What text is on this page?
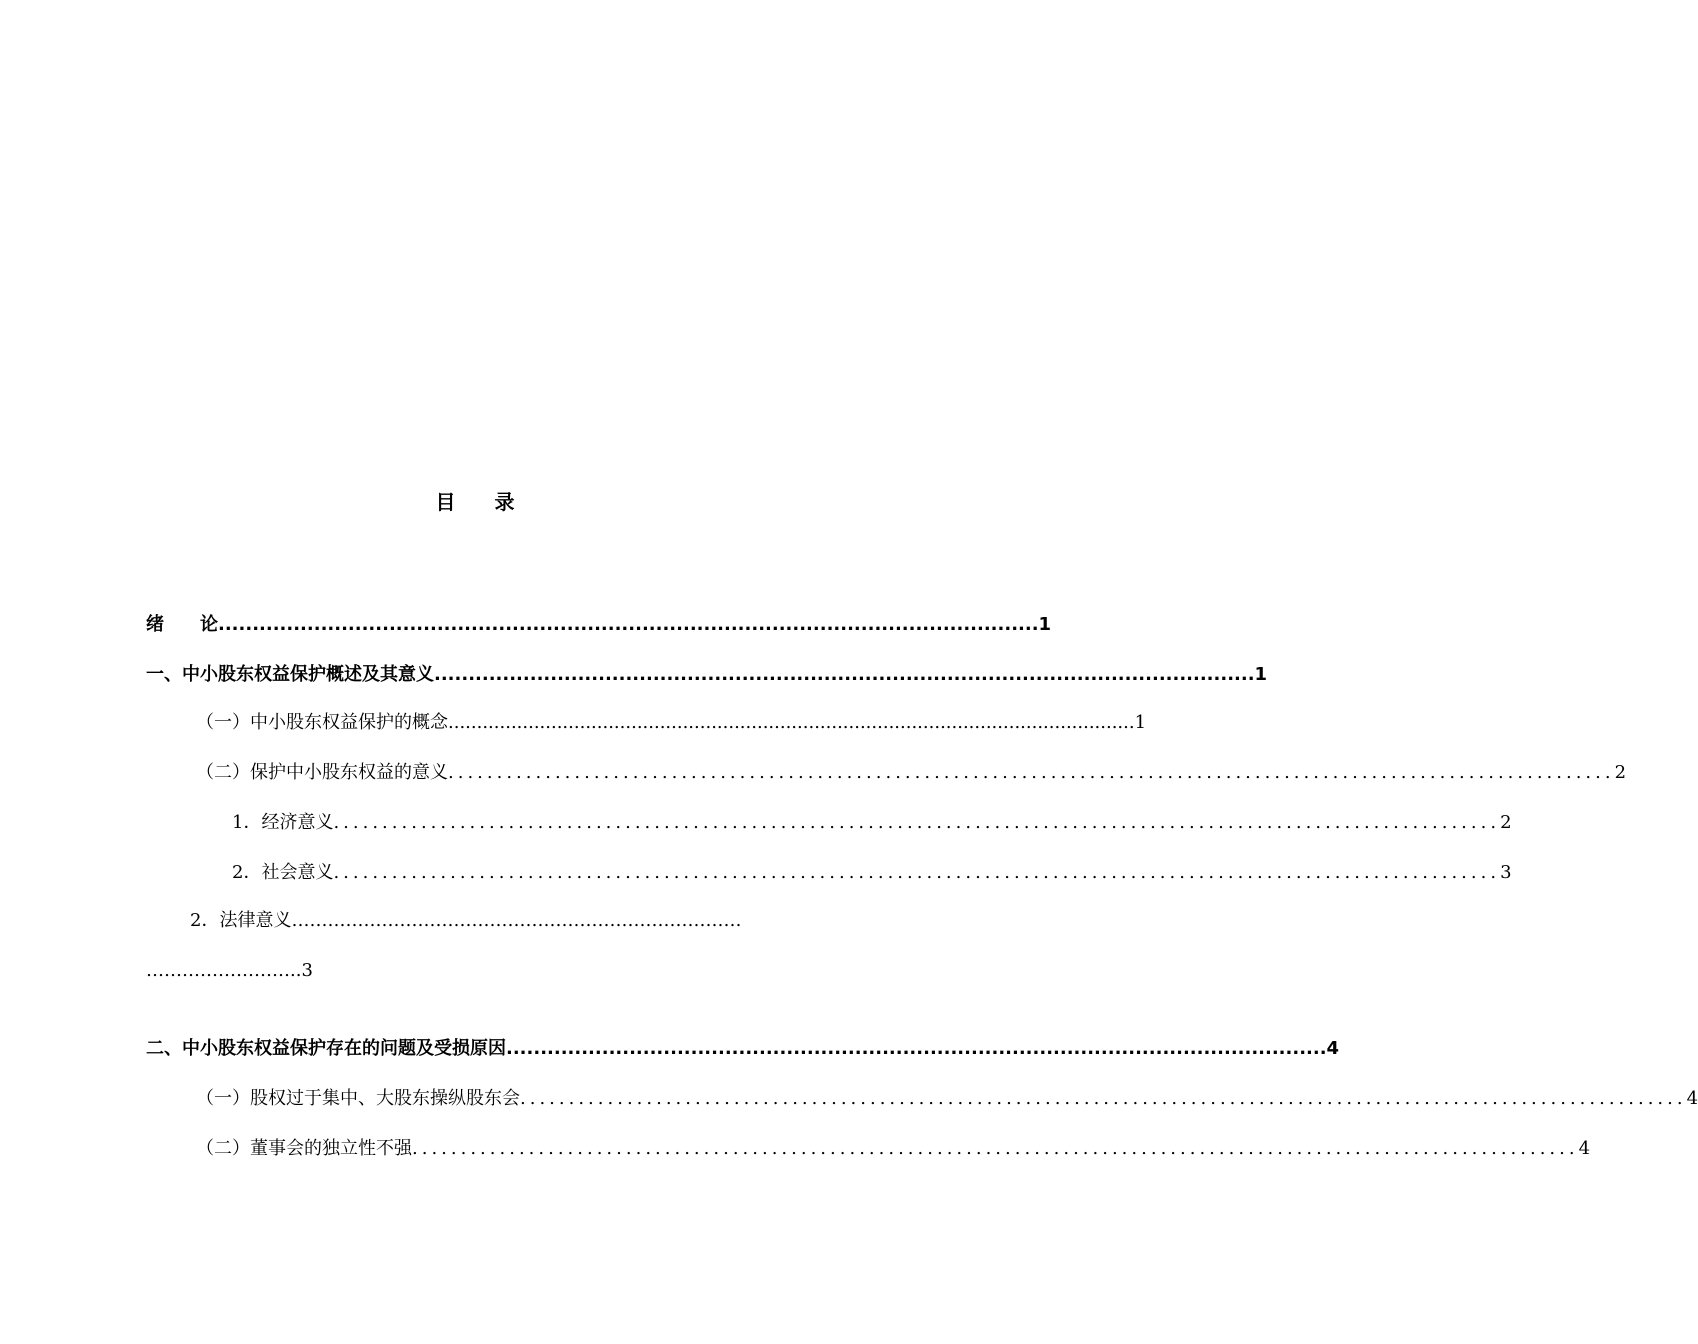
目 录
绪　　论 ........................................................................................................................ 1
一、中小股东权益保护概述及其意义 ........................................................................................................................ 1
（一）中小股东权益保护的概念 ........................................................................................................................ 1
（二）保护中小股东权益的意义 ........................................................................................................................ 2
1．经济意义 ........................................................................................................................ 2
2．社会意义 ........................................................................................................................ 3
2．法律意义…………………………………………………………………
……………………..3
二、中小股东权益保护存在的问题及受损原因 ........................................................................................................................ 4
（一）股权过于集中、大股东操纵股东会 ........................................................................................................................ 4
（二）董事会的独立性不强 ........................................................................................................................ 4
